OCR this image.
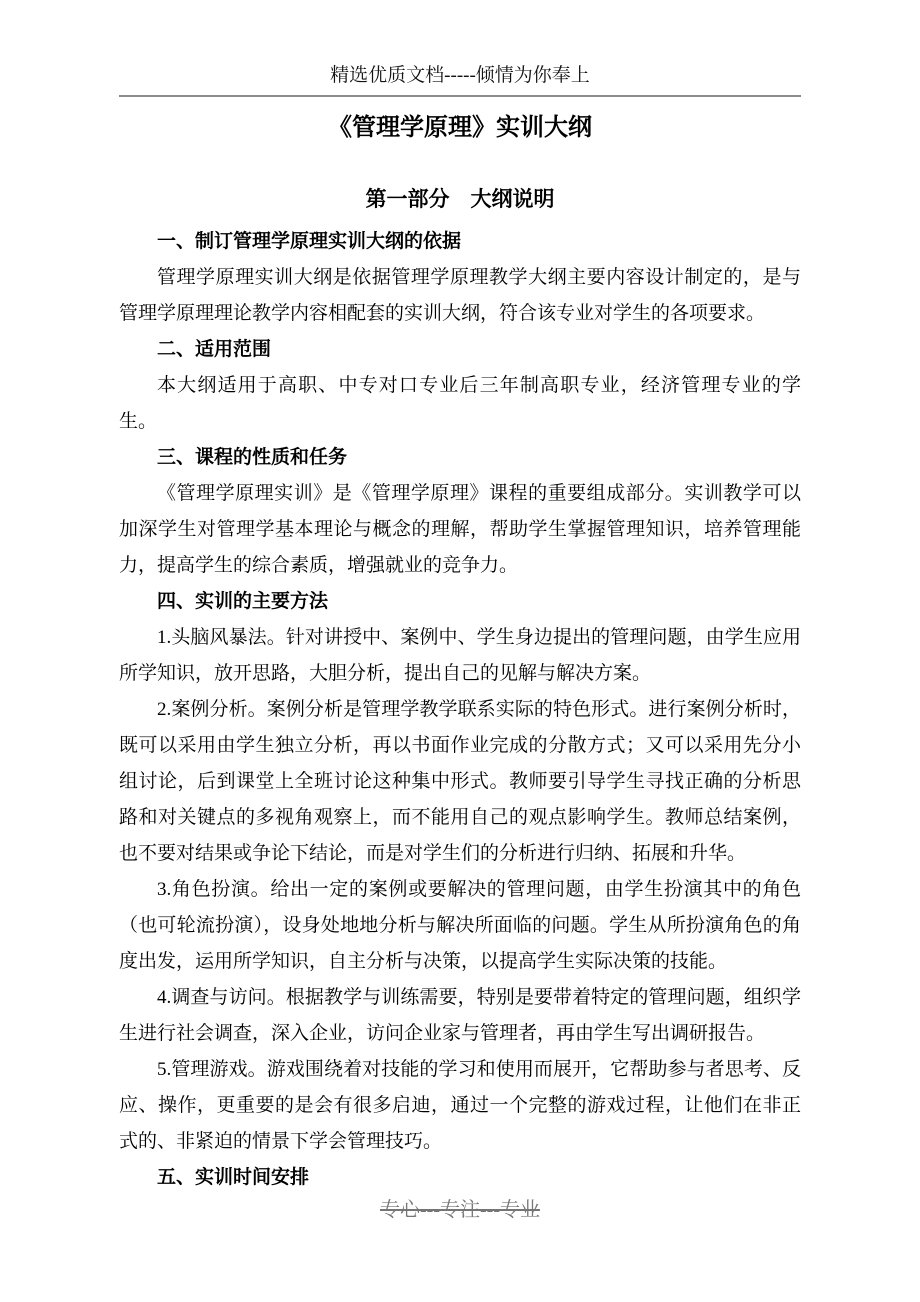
精选优质文档-----倾情为你奉上
《管理学原理》实训大纲
第一部分　大纲说明

一、制订管理学原理实训大纲的依据

管理学原理实训大纲是依据管理学原理教学大纲主要内容设计制定的，是与管理学原理理论教学内容相配套的实训大纲，符合该专业对学生的各项要求。

二、适用范围

本大纲适用于高职、中专对口专业后三年制高职专业，经济管理专业的学生。

三、课程的性质和任务

《管理学原理实训》是《管理学原理》课程的重要组成部分。实训教学可以加深学生对管理学基本理论与概念的理解，帮助学生掌握管理知识，培养管理能力，提高学生的综合素质，增强就业的竞争力。

四、实训的主要方法

1.头脑风暴法。针对讲授中、案例中、学生身边提出的管理问题，由学生应用所学知识，放开思路，大胆分析，提出自己的见解与解决方案。

2.案例分析。案例分析是管理学教学联系实际的特色形式。进行案例分析时，既可以采用由学生独立分析，再以书面作业完成的分散方式；又可以采用先分小组讨论，后到课堂上全班讨论这种集中形式。教师要引导学生寻找正确的分析思路和对关键点的多视角观察上，而不能用自己的观点影响学生。教师总结案例，也不要对结果或争论下结论，而是对学生们的分析进行归纳、拓展和升华。

3.角色扮演。给出一定的案例或要解决的管理问题，由学生扮演其中的角色（也可轮流扮演），设身处地地分析与解决所面临的问题。学生从所扮演角色的角度出发，运用所学知识，自主分析与决策，以提高学生实际决策的技能。

4.调查与访问。根据教学与训练需要，特别是要带着特定的管理问题，组织学生进行社会调查，深入企业，访问企业家与管理者，再由学生写出调研报告。

5.管理游戏。游戏围绕着对技能的学习和使用而展开，它帮助参与者思考、反应、操作，更重要的是会有很多启迪，通过一个完整的游戏过程，让他们在非正式的、非紧迫的情景下学会管理技巧。

五、实训时间安排

专心---专注---专业
